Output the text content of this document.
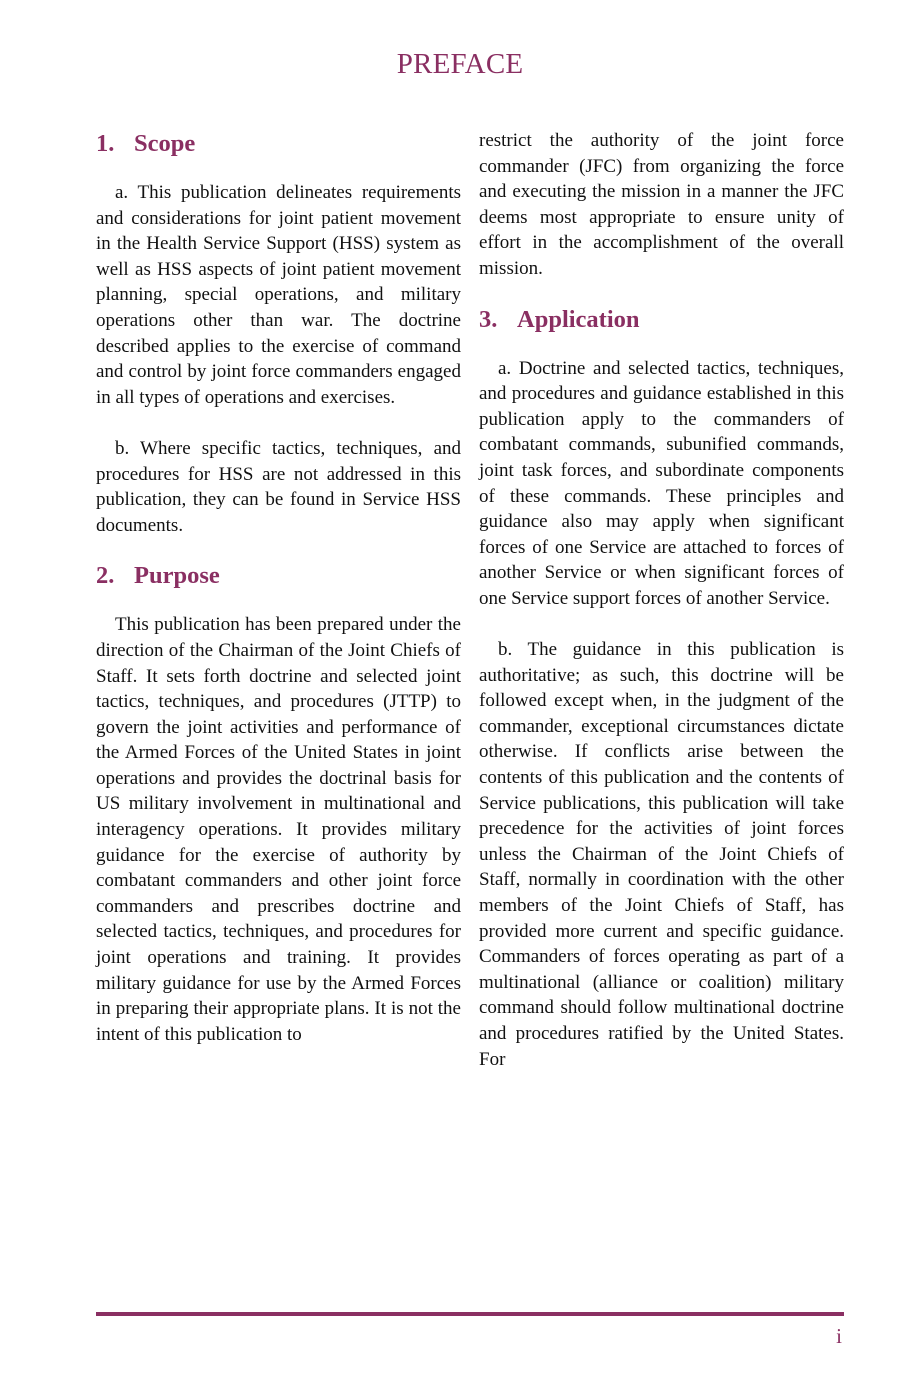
PREFACE
1. Scope

a. This publication delineates requirements and considerations for joint patient movement in the Health Service Support (HSS) system as well as HSS aspects of joint patient movement planning, special operations, and military operations other than war. The doctrine described applies to the exercise of command and control by joint force commanders engaged in all types of operations and exercises.

b. Where specific tactics, techniques, and procedures for HSS are not addressed in this publication, they can be found in Service HSS documents.

2. Purpose

This publication has been prepared under the direction of the Chairman of the Joint Chiefs of Staff. It sets forth doctrine and selected joint tactics, techniques, and procedures (JTTP) to govern the joint activities and performance of the Armed Forces of the United States in joint operations and provides the doctrinal basis for US military involvement in multinational and interagency operations. It provides military guidance for the exercise of authority by combatant commanders and other joint force commanders and prescribes doctrine and selected tactics, techniques, and procedures for joint operations and training. It provides military guidance for use by the Armed Forces in preparing their appropriate plans. It is not the intent of this publication to

restrict the authority of the joint force commander (JFC) from organizing the force and executing the mission in a manner the JFC deems most appropriate to ensure unity of effort in the accomplishment of the overall mission.

3. Application

a. Doctrine and selected tactics, techniques, and procedures and guidance established in this publication apply to the commanders of combatant commands, subunified commands, joint task forces, and subordinate components of these commands. These principles and guidance also may apply when significant forces of one Service are attached to forces of another Service or when significant forces of one Service support forces of another Service.

b. The guidance in this publication is authoritative; as such, this doctrine will be followed except when, in the judgment of the commander, exceptional circumstances dictate otherwise. If conflicts arise between the contents of this publication and the contents of Service publications, this publication will take precedence for the activities of joint forces unless the Chairman of the Joint Chiefs of Staff, normally in coordination with the other members of the Joint Chiefs of Staff, has provided more current and specific guidance. Commanders of forces operating as part of a multinational (alliance or coalition) military command should follow multinational doctrine and procedures ratified by the United States. For

i
